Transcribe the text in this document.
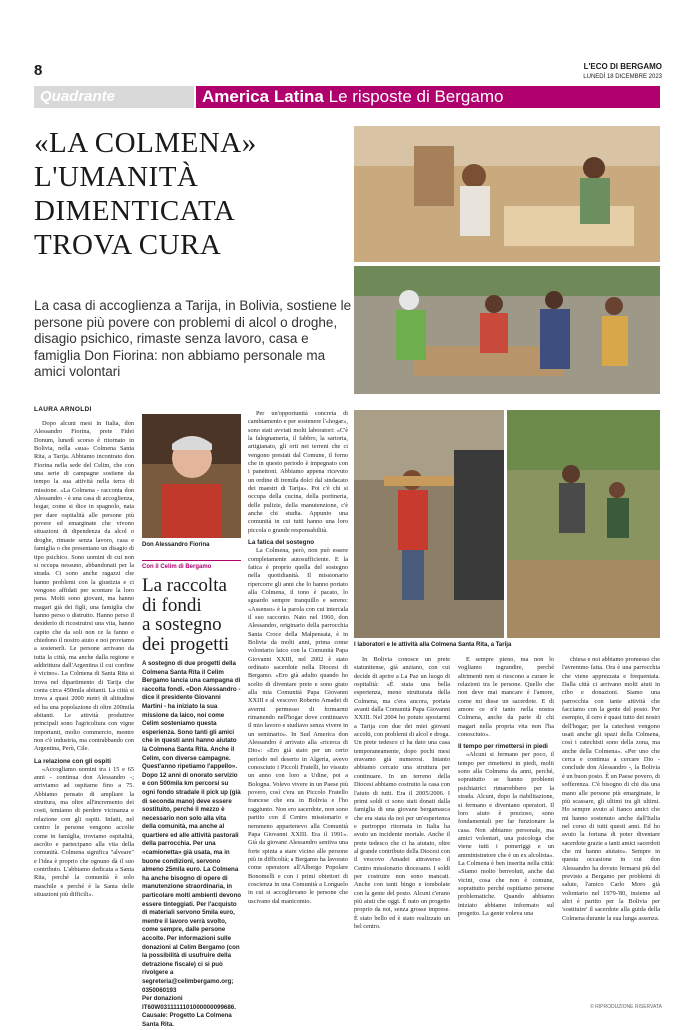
8	L'ECO DI BERGAMO
LUNEDÌ 18 DICEMBRE 2023
Quadrante	America Latina Le risposte di Bergamo
«LA COLMENA»
L'UMANITÀ
DIMENTICATA
TROVA CURA
La casa di accoglienza a Tarija, in Bolivia, sostiene le persone più povere con problemi di alcol o droghe, disagio psichico, rimaste senza lavoro, casa e famiglia Don Fiorina: non abbiamo personale ma amici volontari
LAURA ARNOLDI

Dopo alcuni mesi in Italia, don Alessandro Fiorina, prete Fidei Donum, lunedì scorso è ritornato in Bolivia, nella «sua» Colmena Santa Rita, a Tarija. Abbiamo incontrato don Fiorina nella sede del Celim, che con una serie di campagne sostiene da tempo la sua attività nella terra di missione. «La Colmena - racconta don Alessandro - è una casa di accoglienza, hogar, come si dice in spagnolo, nata per dare ospitalità alle persone più povere ed emarginate che vivono situazioni di dipendenza da alcol o droghe, rimaste senza lavoro, casa e famiglia o che presentano un disagio di tipo psichico. Sono uomini di cui non si occupa nessuno, abbandonati per la strada. Ci sono anche ragazzi che hanno problemi con la giustizia e ci vengono affidati per scontare la loro pena. Molti sono giovani, ma hanno magari già dei figli, una famiglia che hanno perso o distrutto. Hanno perso il desiderio di ricostruirsi una vita, hanno capito che da soli non ce la fanno e chiedono il nostro aiuto e noi proviamo a sostenerli. Le persone arrivano da tutta la città, ma anche dalla regione e addirittura dall'Argentina il cui confine è vicino». La Colmena di Santa Rita si trova nel dipartimento di Tarija che conta circa 450mila abitanti. La città si trova a quasi 2000 metri di altitudine ed ha una popolazione di oltre 200mila abitanti. Le attività produttive principali sono l'agricoltura con vigne importanti, molto commercio, mentre non c'è industria, ma contrabbando con Argentina, Perù, Cile.

La relazione con gli ospiti

«Accogliamo uomini tra i 15 e 65 anni - continua don Alessandro -; arriviamo ad ospitarne fino a 75. Abbiamo pensato di ampliare la struttura, ma oltre all'incremento dei costi, temiamo di perdere vicinanza e relazione con gli ospiti. Infatti, nel centro le persone vengono accolte come in famiglia, troviamo ospitalità, ascolto e partecipano alla vita della comunità. Colmena significa "alveare" e l'idea è proprio che ognuno dà il suo contributo. L'abbiamo dedicata a Santa Rita, perché la comunità è solo maschile e perché è la Santa delle situazioni più difficili».

Don Alessandro Fiorina
Con il Celim di Bergamo
La raccolta
di fondi
a sostegno
dei progetti
A sostegno di due progetti della Colmena Santa Rita il Celim Bergamo lancia una campagna di raccolta fondi. «Don Alessandro - dice il presidente Giovanni Martini - ha iniziato la sua missione da laico, noi come Celim sosteniamo questa esperienza. Sono tanti gli amici che in questi anni hanno aiutato la Colmena Santa Rita. Anche il Celim, con diverse campagne. Quest'anno ripetiamo l'appello». Dopo 12 anni di onorato servizio e con 500mila km percorsi su ogni fondo stradale il pick up (già di seconda mano) deve essere sostituito, perché il mezzo è necessario non solo alla vita della comunità, ma anche al quartiere ed alle attività pastorali della parrocchia. Per una «camionetta» già usata, ma in buone condizioni, servono almeno 25mila euro. La Colmena ha anche bisogno di opere di manutenzione straordinaria, in particolare molti ambienti devono essere tinteggiati. Per l'acquisto di materiali servono 5mila euro, mentre il lavoro verrà svolto, come sempre, dalle persone accolte. Per informazioni sulle donazioni al Celim Bergamo (con la possibilità di usufruire della detrazione fiscale) ci si può rivolgere a segreteria@celimbergamo.org; 0350060193
Per donazioni
IT60W0311111101000000099686.
Causale: Progetto La Colmena Santa Rita.

Per un'opportunità concreta di cambiamento e per sostenere l'«hogar», sono stati avviati molti laboratori: «C'è la falegnameria, il fabbro, la sartoria, artigianato, gli orti nei terreni che ci vengono prestati dal Comune, il forno che in questo periodo è impegnato con i panettoni. Abbiamo appena ricevuto un ordine di tremila dolci dal sindacato dei maestri di Tarija». Poi c'è chi si occupa della cucina, della portineria, delle pulizie, della manutenzione, c'è anche chi studia. Appunto una comunità in cui tutti hanno una loro piccola o grande responsabilità.

La fatica del sostegno

La Colmena, però, non può essere completamente autosufficiente. E la fatica è proprio quella del sostegno nella quotidianità. Il missionario ripercorre gli anni che lo hanno portato alla Colmena, il tono è pacato, lo sguardo sempre tranquillo e sereno: «Assenso» è la parola con cui intercala il suo racconto. Nato nel 1960, don Alessandro, originario della parrocchia Santa Croce della Malpensata, è in Bolivia da molti anni, prima come volontario laico con la Comunità Papa Giovanni XXIII, nel 2002 è stato ordinato sacerdote nella Diocesi di Bergamo. «Ero già adulto quando ho scelto di diventare prete e sono grato alla mia Comunità Papa Giovanni XXIII e al vescovo Roberto Amadei di avermi permesso di formarmi rimanendo nell'hogar dove continuavo il mio lavoro e studiavo senza vivere in un seminario». In Sud America don Alessandro è arrivato alla «ricerca di Dio»: «Ero già stato per un certo periodo nel deserto in Algeria, avevo conosciuto i Piccoli Fratelli, ho vissuto un anno con loro a Udine, poi a Bologna. Volevo vivere in un Paese più povero, così c'era un Piccolo Fratello francese che era in Bolivia e l'ho raggiunto. Non ero sacerdote, non sono partito con il Centro missionario e nemmeno appartenevo alla Comunità Papa Giovanni XXIII. Era il 1991». Già da giovane Alessandro sentiva una forte spinta a stare vicino alle persone più in difficoltà; a Bergamo ha lavorato come operatore all'Albergo Popolare Bonomelli e con i primi obiettori di coscienza in una Comunità a Longuelo in cui si accoglievano le persone che uscivano dal manicomio.

I laboratori e le attività alla Colmena Santa Rita, a Tarija

In Bolivia conosce un prete statunitense, già anziano, con cui decide di aprire a La Paz un luogo di ospitalità: «È stata una bella esperienza, meno strutturata della Colmena, ma c'era ancora, portata avanti dalla Comunità Papa Giovanni XXIII. Nel 2004 ho potuto spostarmi a Tarija con due dei miei giovani accolti, con problemi di alcol e droga. Un prete tedesco ci ha dato una casa temporaneamente, dopo pochi mesi eravamo già numerosi. Intanto abbiamo cercato una struttura per continuare. In un terreno della Diocesi abbiamo costruito la casa con l'aiuto di tutti. Era il 2005/2006. I primi soldi ci sono stati donati dalla famiglia di una giovane bergamasca che era stata da noi per un'esperienza e purtroppo ritornata in Italia ha avuto un incidente mortale. Anche il prete tedesco che ci ha aiutato, oltre al grande contributo della Diocesi con il vescovo Amadei attraverso il Centro missionario diocesano. I soldi per costruire non sono mancati. Anche con tanti bingo e tombolate con la gente del posto. Alcuni c'erano più aiuti che oggi. È nato un progetto proprio da noi, senza grosse imprese. È stato bello ed è stato realizzato un bel centro.

E sempre pieno, ma non lo vogliamo ingrandire, perché altrimenti non si riescono a curare le relazioni tra le persone. Quello che non deve mai mancare è l'amore, come mi disse un sacerdote. E di amore ce n'è tanto nella nostra Colmena, anche da parte di chi magari nella propria vita non l'ha conosciuto».

Il tempo per rimettersi in piedi

«Alcuni si fermano per poco, il tempo per rimettersi in piedi, molti sono alla Colmena da anni, perché, soprattutto se hanno problemi psichiatrici rimarrebbero per la strada. Alcuni, dopo la riabilitazione, si fermano e diventano operatori. Il loro aiuto è prezioso, sono fondamentali per far funzionare la casa. Non abbiamo personale, ma amici volontari, una psicologa che viene tutti i pomeriggi e un amministratore che è un ex alcolista». La Colmena è ben inserita nella città: «Siamo molto benvoluti, anche dai vicini, cosa che non è comune, soprattutto perché ospitiamo persone problematiche. Quando abbiamo iniziato abbiamo informato sul progetto. La gente voleva una

chiesa e noi abbiamo promesso che l'avremmo fatta. Ora è una parrocchia che viene apprezzata e frequentata. Dalla città ci arrivano molti aiuti in cibo e donazioni. Siamo una parrocchia con tante attività che facciamo con la gente del posto. Per esempio, il cero è quasi tutto dei nostri dell'hogar; per la catechesi vengono usati anche gli spazi della Colmena, così i catechisti sono della zona, ma anche della Colmena». «Per uno che cerca e continua a cercare Dio - conclude don Alessandro -, la Bolivia è un buon posto. È un Paese povero, di sofferenza. C'è bisogno di chi dia una mano alle persone più emarginate, le più scassare, gli ultimi tra gli ultimi. Ho sempre avuto al fianco amici che mi hanno sostenuto anche dall'Italia nel corso di tutti questi anni. Ed ho avuto la fortuna di poter diventare sacerdote grazie a tanti amici sacerdoti che mi hanno aiutato». Sempre in questa occasione in cui don Alessandro ha dovuto fermarsi più del previsto a Bergamo per problemi di salute, l'amico Carlo Moro già volontario nel 1979-'80, insieme ad altri è partito per la Bolivia per 'sostituire' il sacerdote alla guida della Colmena durante la sua lunga assenza.

© RIPRODUZIONE RISERVATA
